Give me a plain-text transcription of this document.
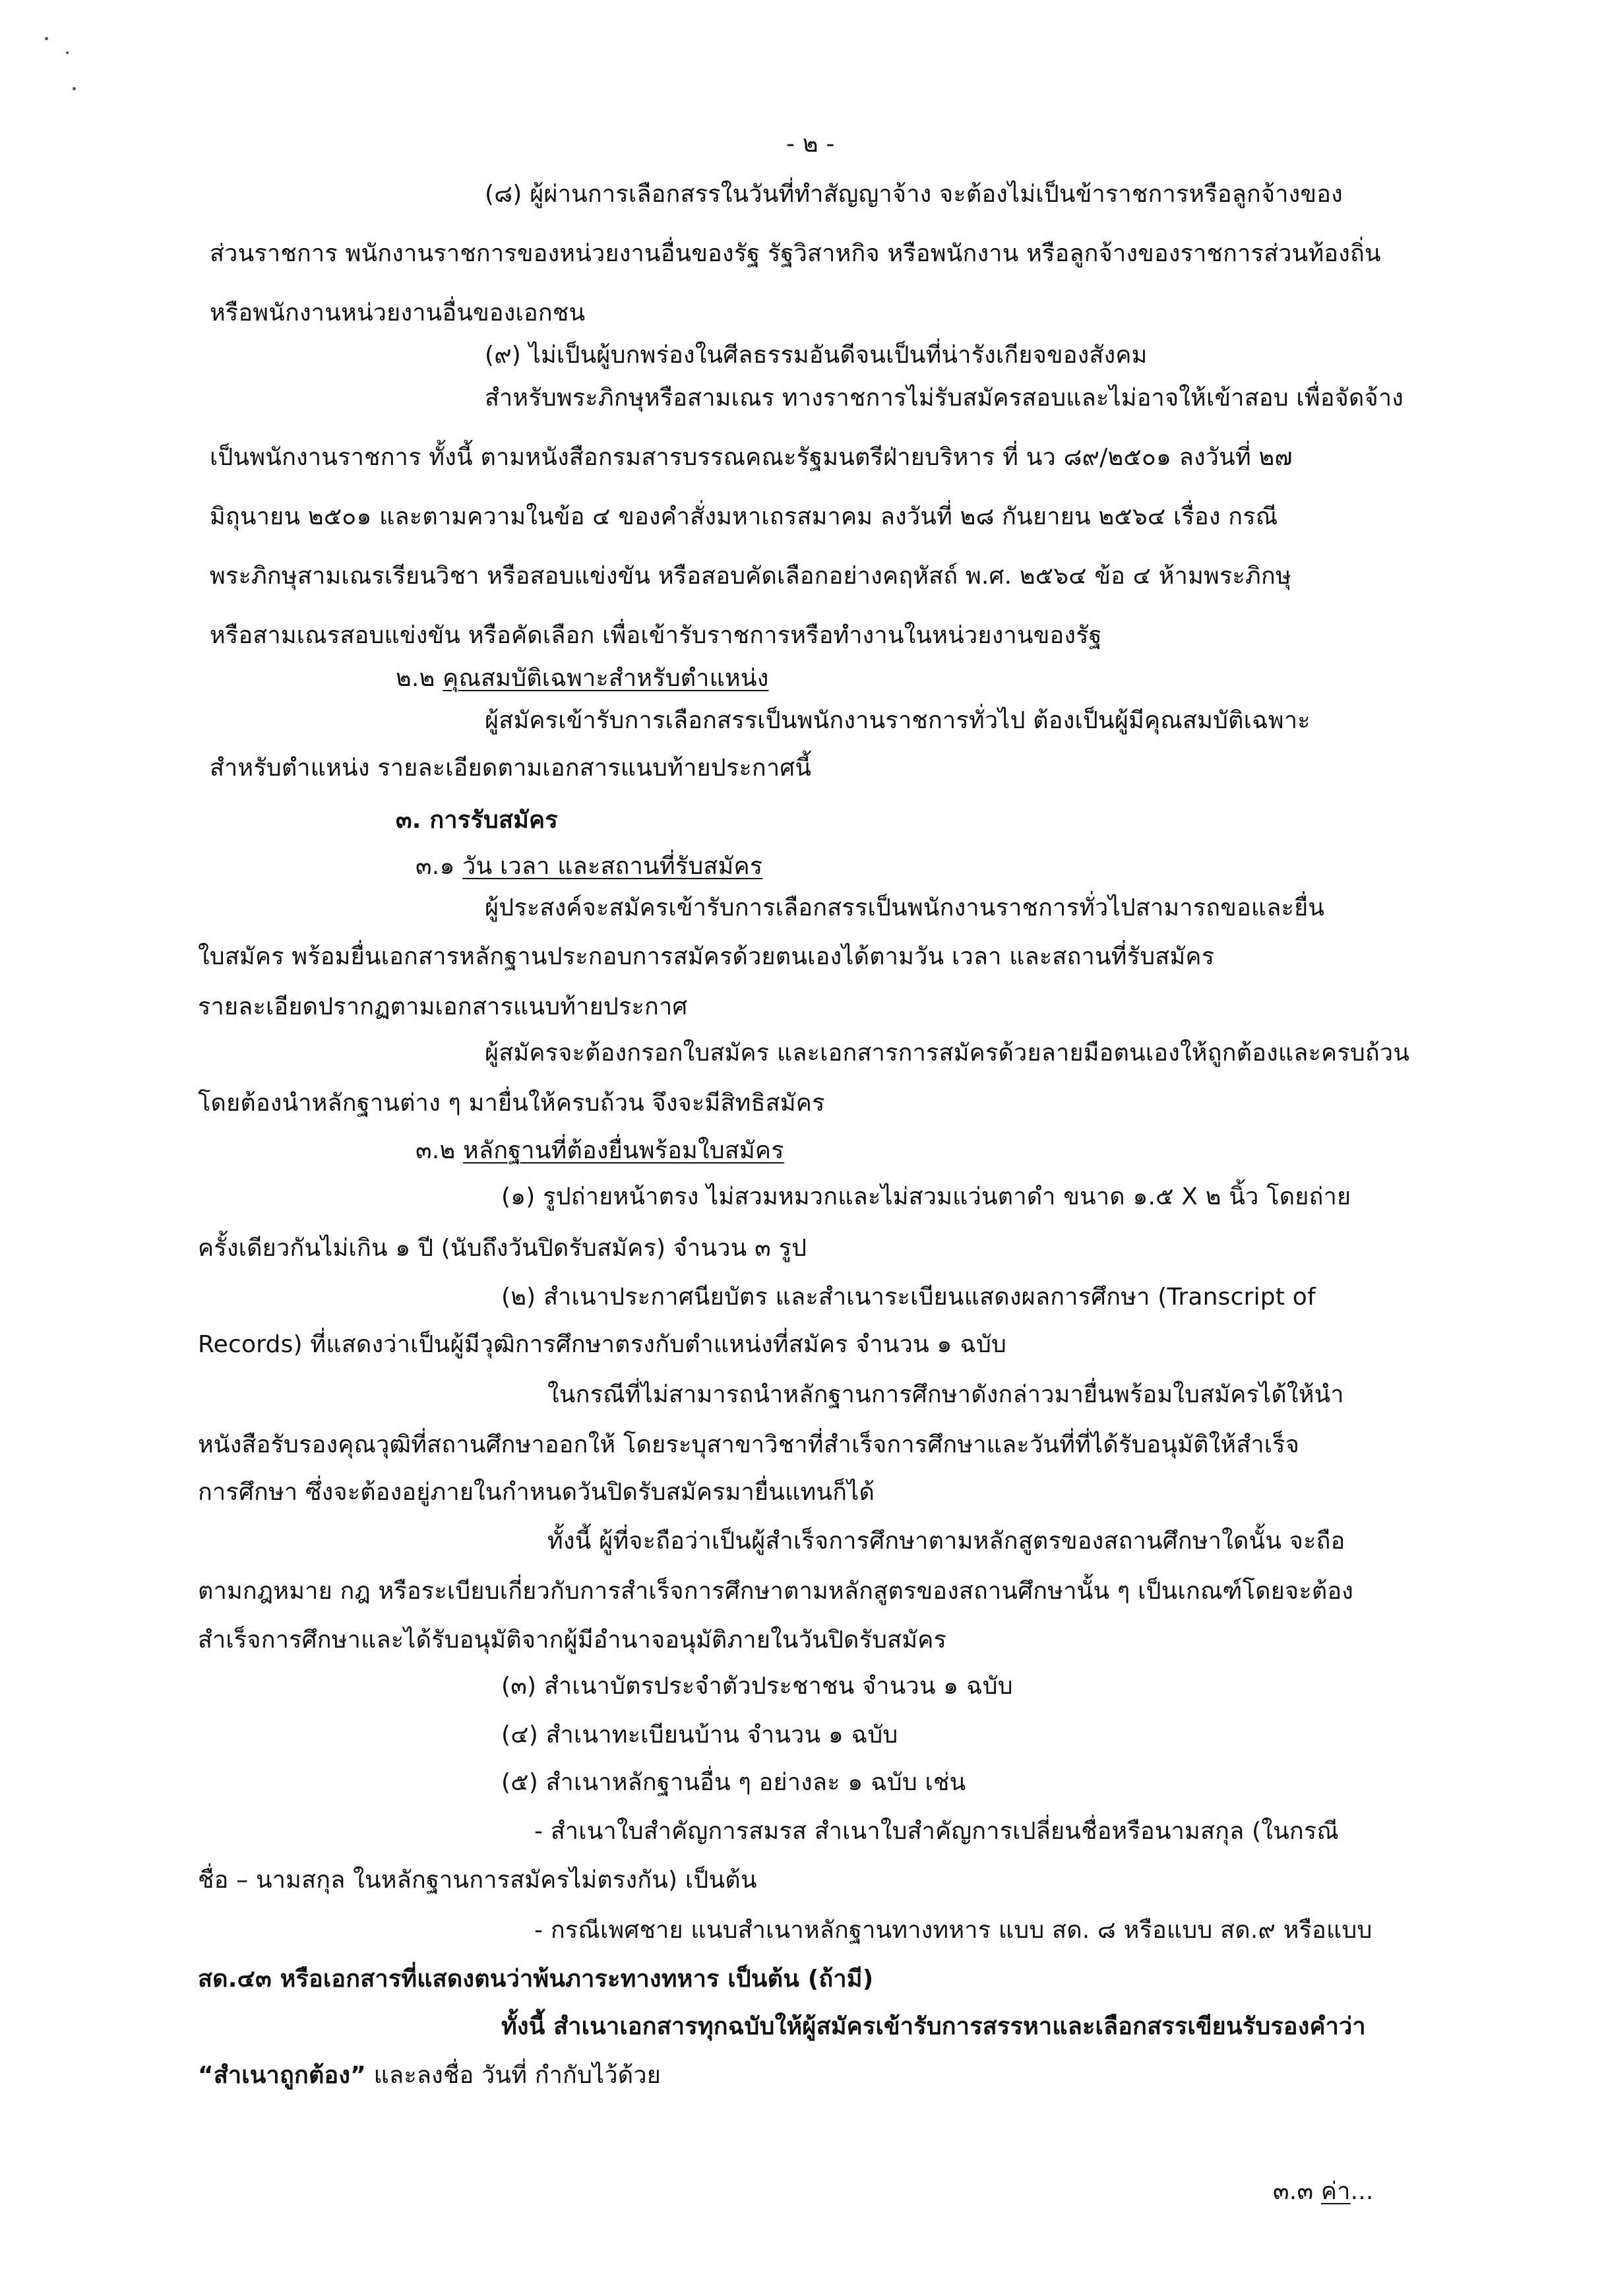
- ๒ -
(๘) ผู้ผ่านการเลือกสรรในวันที่ทำสัญญาจ้าง จะต้องไม่เป็นข้าราชการหรือลูกจ้างของ
ส่วนราชการ พนักงานราชการของหน่วยงานอื่นของรัฐ รัฐวิสาหกิจ หรือพนักงาน หรือลูกจ้างของราชการส่วนท้องถิ่น
หรือพนักงานหน่วยงานอื่นของเอกชน
(๙) ไม่เป็นผู้บกพร่องในศีลธรรมอันดีจนเป็นที่น่ารังเกียจของสังคม
สำหรับพระภิกษุหรือสามเณร ทางราชการไม่รับสมัครสอบและไม่อาจให้เข้าสอบ เพื่อจัดจ้าง
เป็นพนักงานราชการ ทั้งนี้ ตามหนังสือกรมสารบรรณคณะรัฐมนตรีฝ่ายบริหาร ที่ นว ๘๙/๒๕๐๑ ลงวันที่ ๒๗
มิถุนายน ๒๕๐๑ และตามความในข้อ ๔ ของคำสั่งมหาเถรสมาคม ลงวันที่ ๒๘ กันยายน ๒๕๖๔ เรื่อง กรณี
พระภิกษุสามเณรเรียนวิชา หรือสอบแข่งขัน หรือสอบคัดเลือกอย่างคฤหัสถ์ พ.ศ. ๒๕๖๔ ข้อ ๔ ห้ามพระภิกษุ
หรือสามเณรสอบแข่งขัน หรือคัดเลือก เพื่อเข้ารับราชการหรือทำงานในหน่วยงานของรัฐ
๒.๒ คุณสมบัติเฉพาะสำหรับตำแหน่ง
ผู้สมัครเข้ารับการเลือกสรรเป็นพนักงานราชการทั่วไป ต้องเป็นผู้มีคุณสมบัติเฉพาะ
สำหรับตำแหน่ง รายละเอียดตามเอกสารแนบท้ายประกาศนี้
๓. การรับสมัคร
๓.๑ วัน เวลา และสถานที่รับสมัคร
ผู้ประสงค์จะสมัครเข้ารับการเลือกสรรเป็นพนักงานราชการทั่วไปสามารถขอและยื่น
ใบสมัคร พร้อมยื่นเอกสารหลักฐานประกอบการสมัครด้วยตนเองได้ตามวัน เวลา และสถานที่รับสมัคร
รายละเอียดปรากฏตามเอกสารแนบท้ายประกาศ
ผู้สมัครจะต้องกรอกใบสมัคร และเอกสารการสมัครด้วยลายมือตนเองให้ถูกต้องและครบถ้วน
โดยต้องนำหลักฐานต่าง ๆ มายื่นให้ครบถ้วน จึงจะมีสิทธิสมัคร
๓.๒ หลักฐานที่ต้องยื่นพร้อมใบสมัคร
(๑) รูปถ่ายหน้าตรง ไม่สวมหมวกและไม่สวมแว่นตาดำ ขนาด ๑.๕ X ๒ นิ้ว โดยถ่าย
ครั้งเดียวกันไม่เกิน ๑ ปี (นับถึงวันปิดรับสมัคร) จำนวน ๓ รูป
(๒) สำเนาประกาศนียบัตร และสำเนาระเบียนแสดงผลการศึกษา (Transcript of
Records) ที่แสดงว่าเป็นผู้มีวุฒิการศึกษาตรงกับตำแหน่งที่สมัคร จำนวน ๑ ฉบับ
ในกรณีที่ไม่สามารถนำหลักฐานการศึกษาดังกล่าวมายื่นพร้อมใบสมัครได้ให้นำ
หนังสือรับรองคุณวุฒิที่สถานศึกษาออกให้ โดยระบุสาขาวิชาที่สำเร็จการศึกษาและวันที่ที่ได้รับอนุมัติให้สำเร็จ
การศึกษา ซึ่งจะต้องอยู่ภายในกำหนดวันปิดรับสมัครมายื่นแทนก็ได้
ทั้งนี้ ผู้ที่จะถือว่าเป็นผู้สำเร็จการศึกษาตามหลักสูตรของสถานศึกษาใดนั้น จะถือ
ตามกฎหมาย กฎ หรือระเบียบเกี่ยวกับการสำเร็จการศึกษาตามหลักสูตรของสถานศึกษานั้น ๆ เป็นเกณฑ์โดยจะต้อง
สำเร็จการศึกษาและได้รับอนุมัติจากผู้มีอำนาจอนุมัติภายในวันปิดรับสมัคร
(๓) สำเนาบัตรประจำตัวประชาชน จำนวน ๑ ฉบับ
(๔) สำเนาทะเบียนบ้าน จำนวน ๑ ฉบับ
(๕) สำเนาหลักฐานอื่น ๆ อย่างละ ๑ ฉบับ เช่น
- สำเนาใบสำคัญการสมรส สำเนาใบสำคัญการเปลี่ยนชื่อหรือนามสกุล (ในกรณี
ชื่อ – นามสกุล ในหลักฐานการสมัครไม่ตรงกัน) เป็นต้น
- กรณีเพศชาย แนบสำเนาหลักฐานทางทหาร แบบ สด. ๘ หรือแบบ สด.๙ หรือแบบ
สด.๔๓ หรือเอกสารที่แสดงตนว่าพ้นภาระทางทหาร เป็นต้น (ถ้ามี)
ทั้งนี้ สำเนาเอกสารทุกฉบับให้ผู้สมัครเข้ารับการสรรหาและเลือกสรรเขียนรับรองคำว่า
“สำเนาถูกต้อง” และลงชื่อ วันที่ กำกับไว้ด้วย
๓.๓ ค่า...
